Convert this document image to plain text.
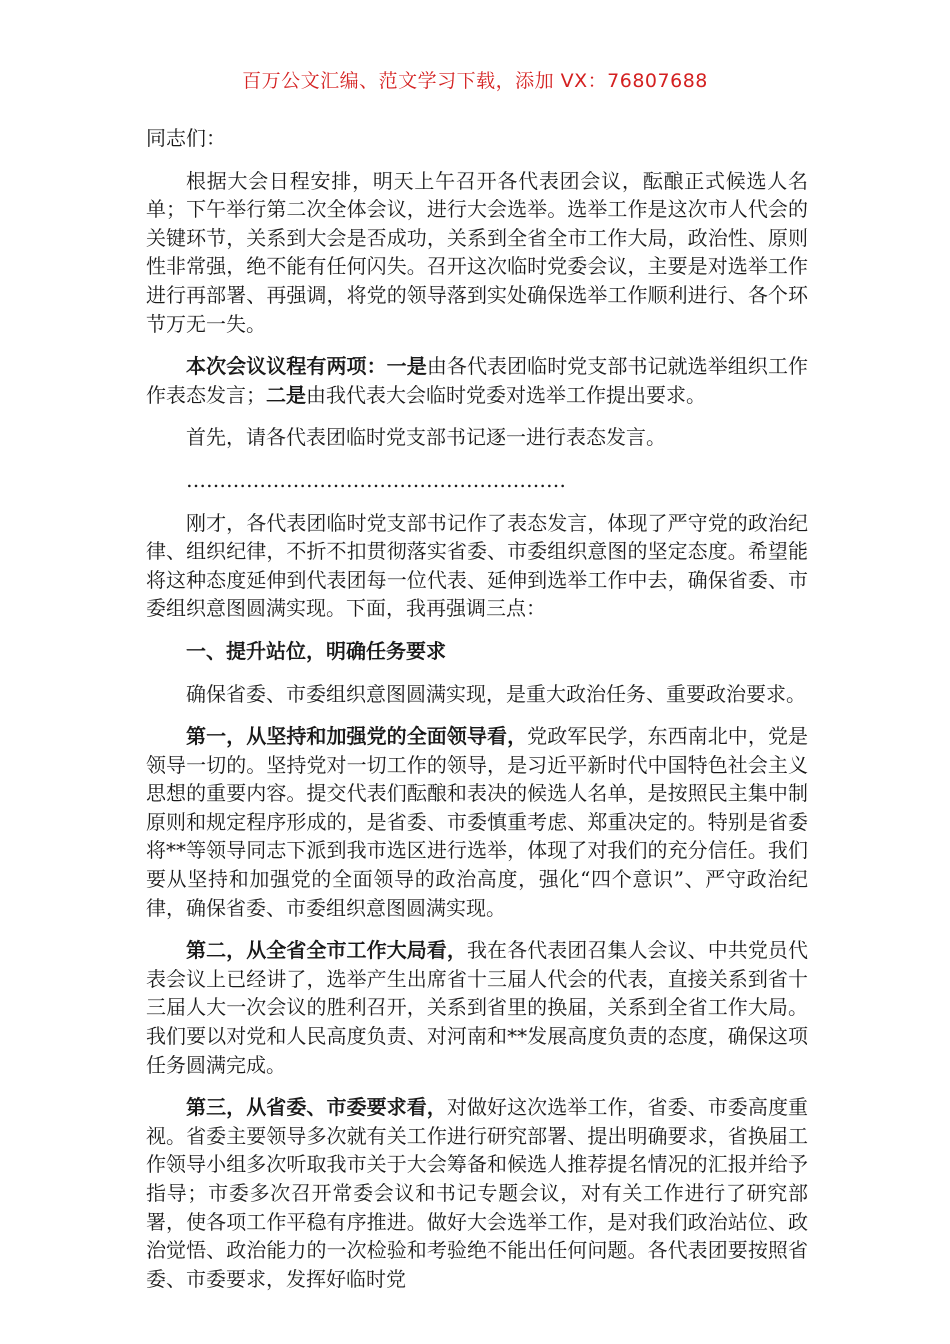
百万公文汇编、范文学习下载，添加 VX：76807688

同志们：

根据大会日程安排，明天上午召开各代表团会议，酝酿正式候选人名单；下午举行第二次全体会议，进行大会选举。选举工作是这次市人代会的关键环节，关系到大会是否成功，关系到全省全市工作大局，政治性、原则性非常强，绝不能有任何闪失。召开这次临时党委会议，主要是对选举工作进行再部署、再强调，将党的领导落到实处确保选举工作顺利进行、各个环节万无一失。

本次会议议程有两项：一是由各代表团临时党支部书记就选举组织工作作表态发言；二是由我代表大会临时党委对选举工作提出要求。

首先，请各代表团临时党支部书记逐一进行表态发言。

…………………………………………………

刚才，各代表团临时党支部书记作了表态发言，体现了严守党的政治纪律、组织纪律，不折不扣贯彻落实省委、市委组织意图的坚定态度。希望能将这种态度延伸到代表团每一位代表、延伸到选举工作中去，确保省委、市委组织意图圆满实现。下面，我再强调三点：

一、提升站位，明确任务要求

确保省委、市委组织意图圆满实现，是重大政治任务、重要政治要求。

第一，从坚持和加强党的全面领导看，党政军民学，东西南北中，党是领导一切的。坚持党对一切工作的领导，是习近平新时代中国特色社会主义思想的重要内容。提交代表们酝酿和表决的候选人名单，是按照民主集中制原则和规定程序形成的，是省委、市委慎重考虑、郑重决定的。特别是省委将**等领导同志下派到我市选区进行选举，体现了对我们的充分信任。我们要从坚持和加强党的全面领导的政治高度，强化“四个意识”、严守政治纪律，确保省委、市委组织意图圆满实现。

第二，从全省全市工作大局看，我在各代表团召集人会议、中共党员代表会议上已经讲了，选举产生出席省十三届人代会的代表，直接关系到省十三届人大一次会议的胜利召开，关系到省里的换届，关系到全省工作大局。我们要以对党和人民高度负责、对河南和**发展高度负责的态度，确保这项任务圆满完成。

第三，从省委、市委要求看，对做好这次选举工作，省委、市委高度重视。省委主要领导多次就有关工作进行研究部署、提出明确要求，省换届工作领导小组多次听取我市关于大会筹备和候选人推荐提名情况的汇报并给予指导；市委多次召开常委会议和书记专题会议，对有关工作进行了研究部署，使各项工作平稳有序推进。做好大会选举工作，是对我们政治站位、政治觉悟、政治能力的一次检验和考验绝不能出任何问题。各代表团要按照省委、市委要求，发挥好临时党
